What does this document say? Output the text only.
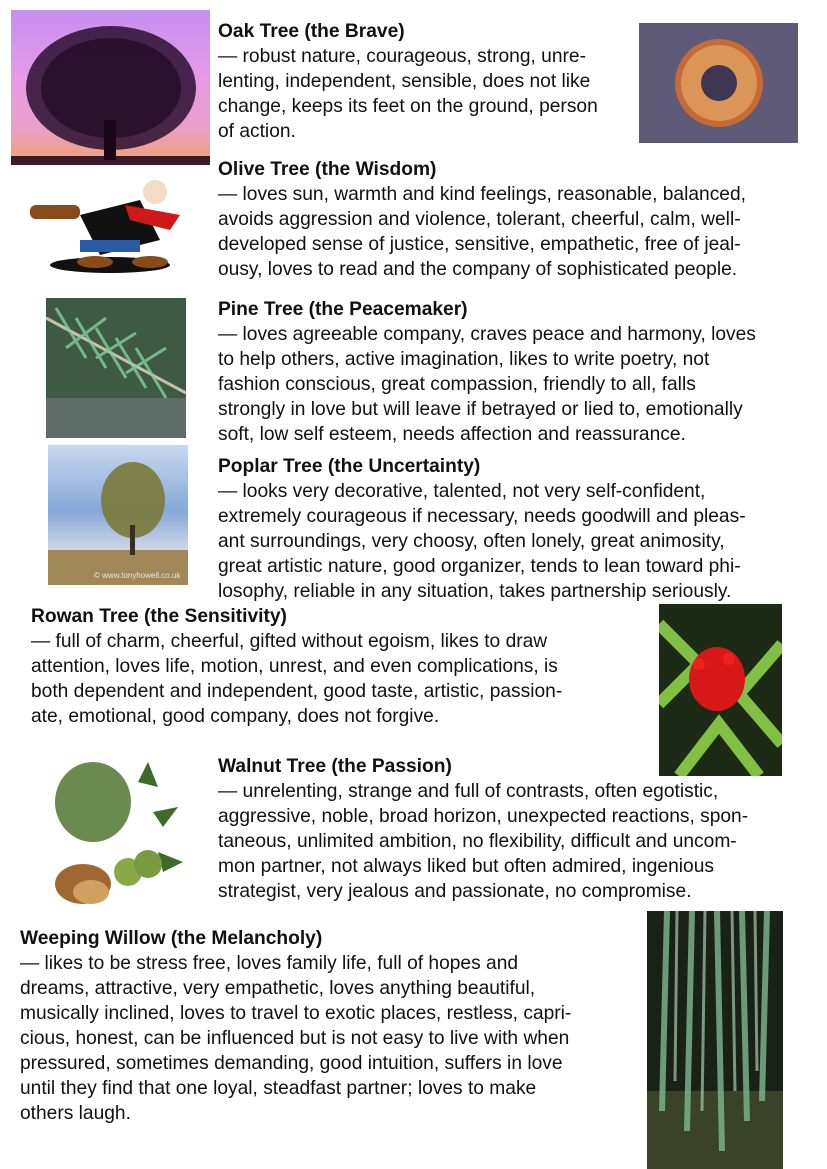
© www.tonyhowell.co.uk
Oak Tree (the Brave)
— robust nature, courageous, strong, unre-
lenting, independent, sensible, does not like
change, keeps its feet on the ground, person
of action.
Olive Tree (the Wisdom)
— loves sun, warmth and kind feelings, reasonable, balanced,
avoids aggression and violence, tolerant, cheerful, calm, well-
developed sense of justice, sensitive, empathetic, free of jeal-
ousy, loves to read and the company of sophisticated people.
Pine Tree (the Peacemaker)
— loves agreeable company, craves peace and harmony, loves
to help others, active imagination, likes to write poetry, not
fashion conscious, great compassion, friendly to all, falls
strongly in love but will leave if betrayed or lied to, emotionally
soft, low self esteem, needs affection and reassurance.
Poplar Tree (the Uncertainty)
— looks very decorative, talented, not very self-confident,
extremely courageous if necessary, needs goodwill and pleas-
ant surroundings, very choosy, often lonely, great animosity,
great artistic nature, good organizer, tends to lean toward phi-
losophy, reliable in any situation, takes partnership seriously.
Rowan Tree (the Sensitivity)
— full of charm, cheerful, gifted without egoism, likes to draw
attention, loves life, motion, unrest, and even complications, is
both dependent and independent, good taste, artistic, passion-
ate, emotional, good company, does not forgive.
Walnut Tree (the Passion)
— unrelenting, strange and full of contrasts, often egotistic,
aggressive, noble, broad horizon, unexpected reactions, spon-
taneous, unlimited ambition, no flexibility, difficult and uncom-
mon partner, not always liked but often admired, ingenious
strategist, very jealous and passionate, no compromise.
Weeping Willow (the Melancholy)
— likes to be stress free, loves family life, full of hopes and
dreams, attractive, very empathetic, loves anything beautiful,
musically inclined, loves to travel to exotic places, restless, capri-
cious, honest, can be influenced but is not easy to live with when
pressured, sometimes demanding, good intuition, suffers in love
until they find that one loyal, steadfast partner; loves to make
others laugh.
